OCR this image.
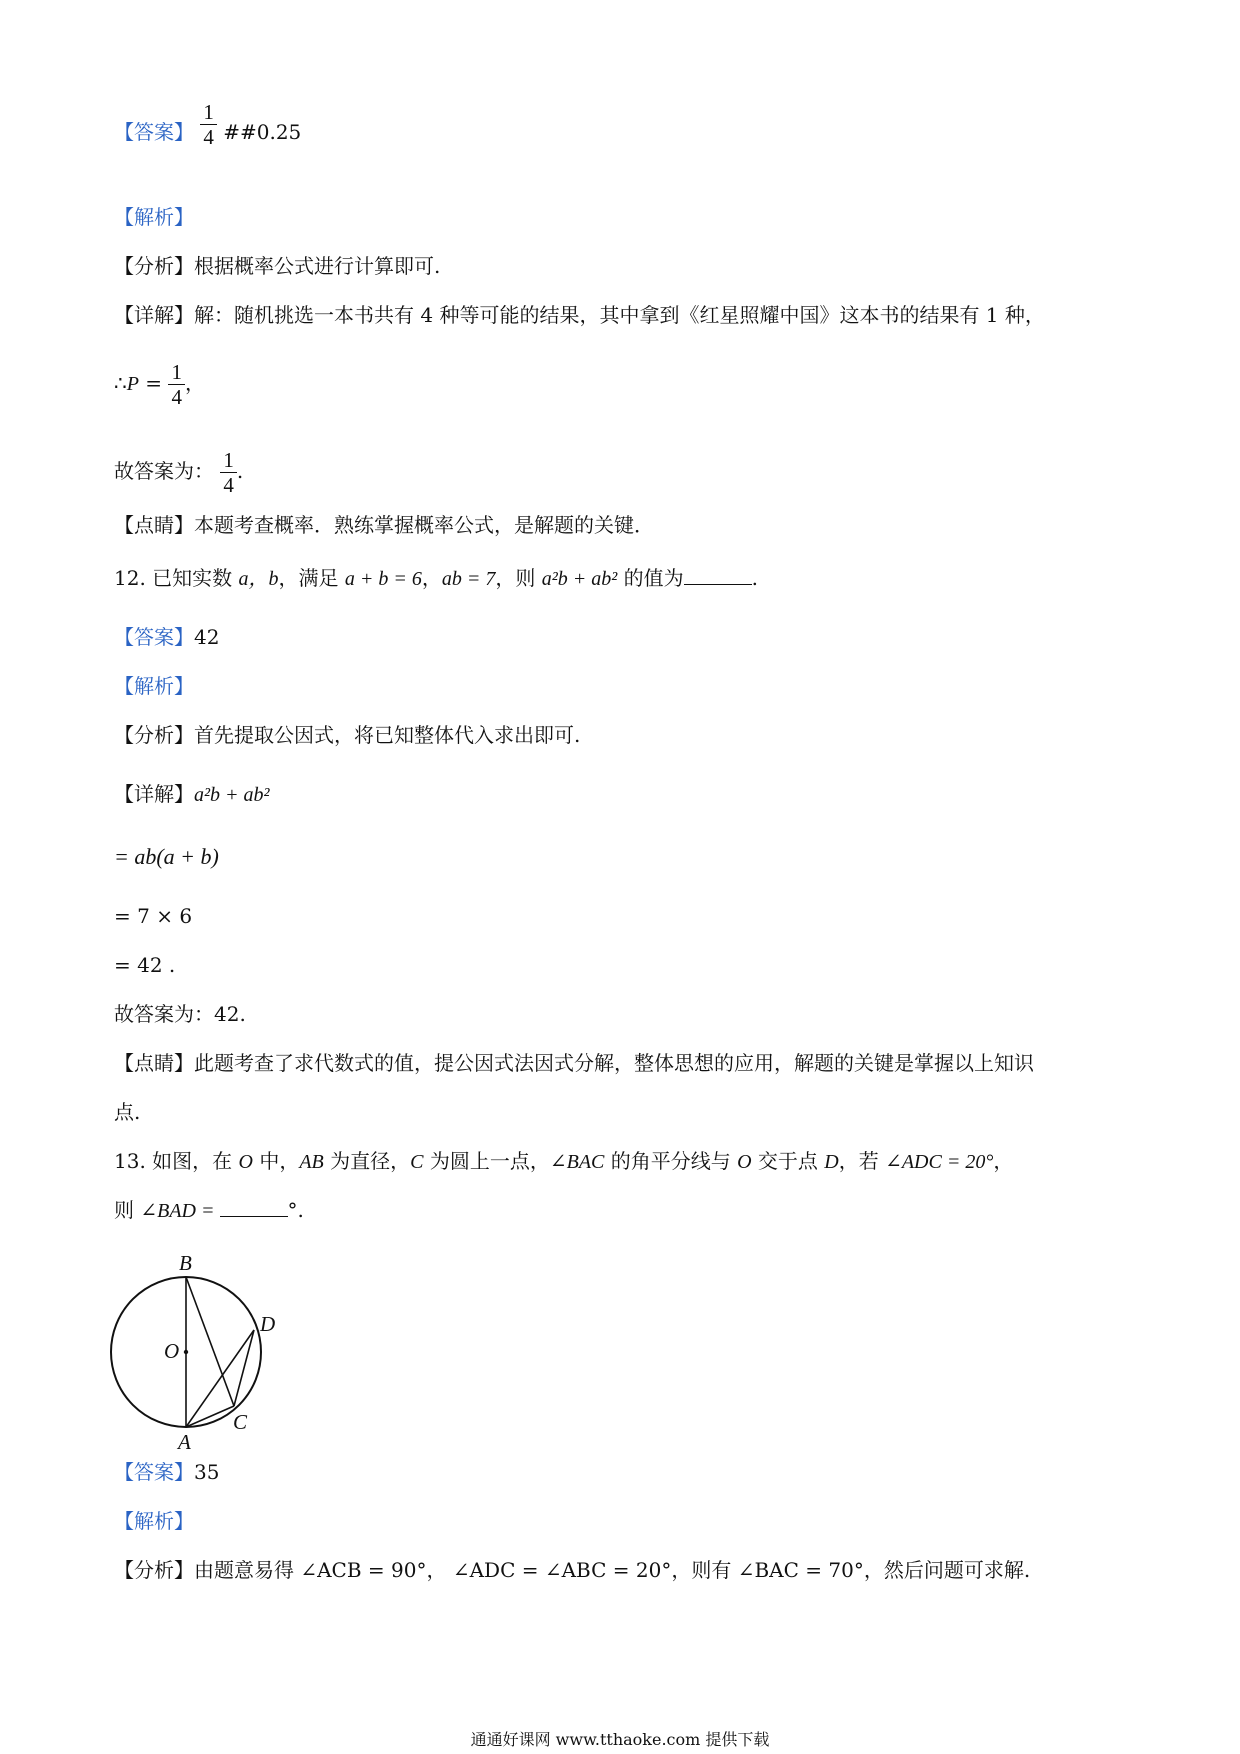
【答案】 $\frac{1}{4}$ ##0.25
【解析】
【分析】根据概率公式进行计算即可.
【详解】解：随机挑选一本书共有 4 种等可能的结果，其中拿到《红星照耀中国》这本书的结果有 1 种，
∴P = $\frac{1}{4}$ ，
故答案为： $\frac{1}{4}$ .
【点睛】本题考查概率．熟练掌握概率公式，是解题的关键．
12. 已知实数 a，b，满足 a + b = 6，ab = 7，则 a²b + ab² 的值为	.
【答案】42
【解析】
【分析】首先提取公因式，将已知整体代入求出即可.
【详解】a²b + ab²
= ab(a + b)
= 7 × 6
= 42 .
故答案为：42.
【点睛】此题考查了求代数式的值，提公因式法因式分解，整体思想的应用，解题的关键是掌握以上知识
点.
13. 如图，在 O 中，AB 为直径，C 为圆上一点，∠BAC 的角平分线与 O 交于点 D，若 ∠ADC = 20°，
则 ∠BAD =	°.
B
D
O
C
A
【答案】35
【解析】
【分析】由题意易得 ∠ACB = 90°， ∠ADC = ∠ABC = 20°，则有 ∠BAC = 70°，然后问题可求解.
通通好课网 www.tthaoke.com 提供下载
